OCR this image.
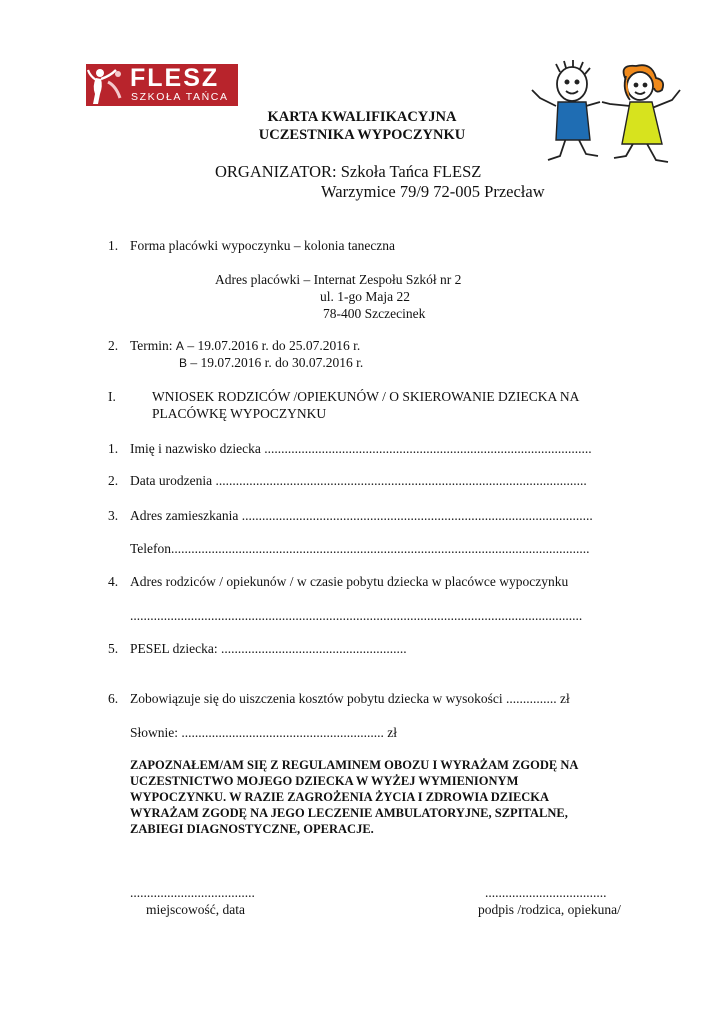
FLESZ
SZKOŁA TAŃCA
KARTA KWALIFIKACYJNA
UCZESTNIKA WYPOCZYNKU
ORGANIZATOR: Szkoła Tańca FLESZ
Warzymice 79/9 72-005 Przecław
1. Forma placówki wypoczynku – kolonia taneczna
Adres placówki – Internat Zespołu Szkół nr 2
ul. 1-go Maja 22
78-400 Szczecinek
2. Termin: A – 19.07.2016 r. do 25.07.2016 r.
B – 19.07.2016 r. do 30.07.2016 r.
I.	WNIOSEK RODZICÓW /OPIEKUNÓW / O SKIEROWANIE DZIECKA NA
PLACÓWKĘ WYPOCZYNKU
1. Imię i nazwisko dziecka .................................................................................................
2. Data urodzenia ..............................................................................................................
3. Adres zamieszkania ........................................................................................................
Telefon............................................................................................................................
4. Adres rodziców / opiekunów / w czasie pobytu dziecka w placówce wypoczynku
......................................................................................................................................
5. PESEL dziecka: .......................................................
6. Zobowiązuje się do uiszczenia kosztów pobytu dziecka w wysokości ............... zł
Słownie: ............................................................ zł
ZAPOZNAŁEM/AM SIĘ Z REGULAMINEM OBOZU I WYRAŻAM ZGODĘ NA
UCZESTNICTWO MOJEGO DZIECKA W WYŻEJ WYMIENIONYM
WYPOCZYNKU. W RAZIE ZAGROŻENIA ŻYCIA I ZDROWIA DZIECKA
WYRAŻAM ZGODĘ NA JEGO LECZENIE AMBULATORYJNE, SZPITALNE,
ZABIEGI DIAGNOSTYCZNE, OPERACJE.
.....................................
miejscowość, data
....................................
podpis /rodzica, opiekuna/
